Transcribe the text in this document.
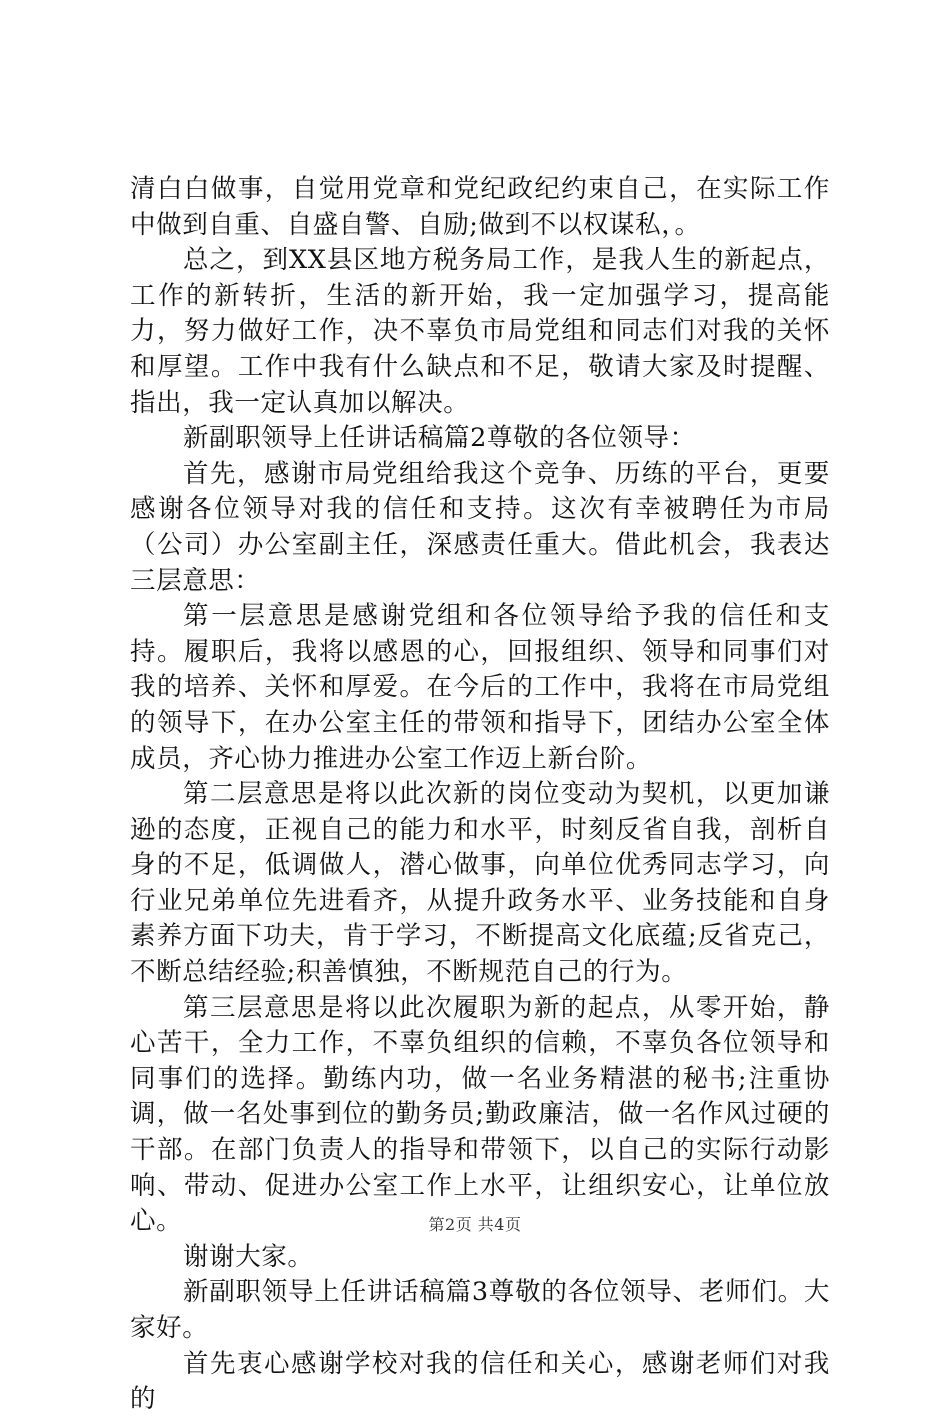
清白白做事，自觉用党章和党纪政纪约束自己，在实际工作中做到自重、自盛自警、自励;做到不以权谋私，。

总之，到XX县区地方税务局工作，是我人生的新起点，工作的新转折，生活的新开始，我一定加强学习，提高能力，努力做好工作，决不辜负市局党组和同志们对我的关怀和厚望。工作中我有什么缺点和不足，敬请大家及时提醒、指出，我一定认真加以解决。

新副职领导上任讲话稿篇2尊敬的各位领导：

首先，感谢市局党组给我这个竞争、历练的平台，更要感谢各位领导对我的信任和支持。这次有幸被聘任为市局（公司）办公室副主任，深感责任重大。借此机会，我表达三层意思：

第一层意思是感谢党组和各位领导给予我的信任和支持。履职后，我将以感恩的心，回报组织、领导和同事们对我的培养、关怀和厚爱。在今后的工作中，我将在市局党组的领导下，在办公室主任的带领和指导下，团结办公室全体成员，齐心协力推进办公室工作迈上新台阶。

第二层意思是将以此次新的岗位变动为契机，以更加谦逊的态度，正视自己的能力和水平，时刻反省自我，剖析自身的不足，低调做人，潜心做事，向单位优秀同志学习，向行业兄弟单位先进看齐，从提升政务水平、业务技能和自身素养方面下功夫，肯于学习，不断提高文化底蕴;反省克己，不断总结经验;积善慎独，不断规范自己的行为。

第三层意思是将以此次履职为新的起点，从零开始，静心苦干，全力工作，不辜负组织的信赖，不辜负各位领导和同事们的选择。勤练内功，做一名业务精湛的秘书;注重协调，做一名处事到位的勤务员;勤政廉洁，做一名作风过硬的干部。在部门负责人的指导和带领下，以自己的实际行动影响、带动、促进办公室工作上水平，让组织安心，让单位放心。

谢谢大家。

新副职领导上任讲话稿篇3尊敬的各位领导、老师们。大家好。

首先衷心感谢学校对我的信任和关心，感谢老师们对我的

第2页 共4页
